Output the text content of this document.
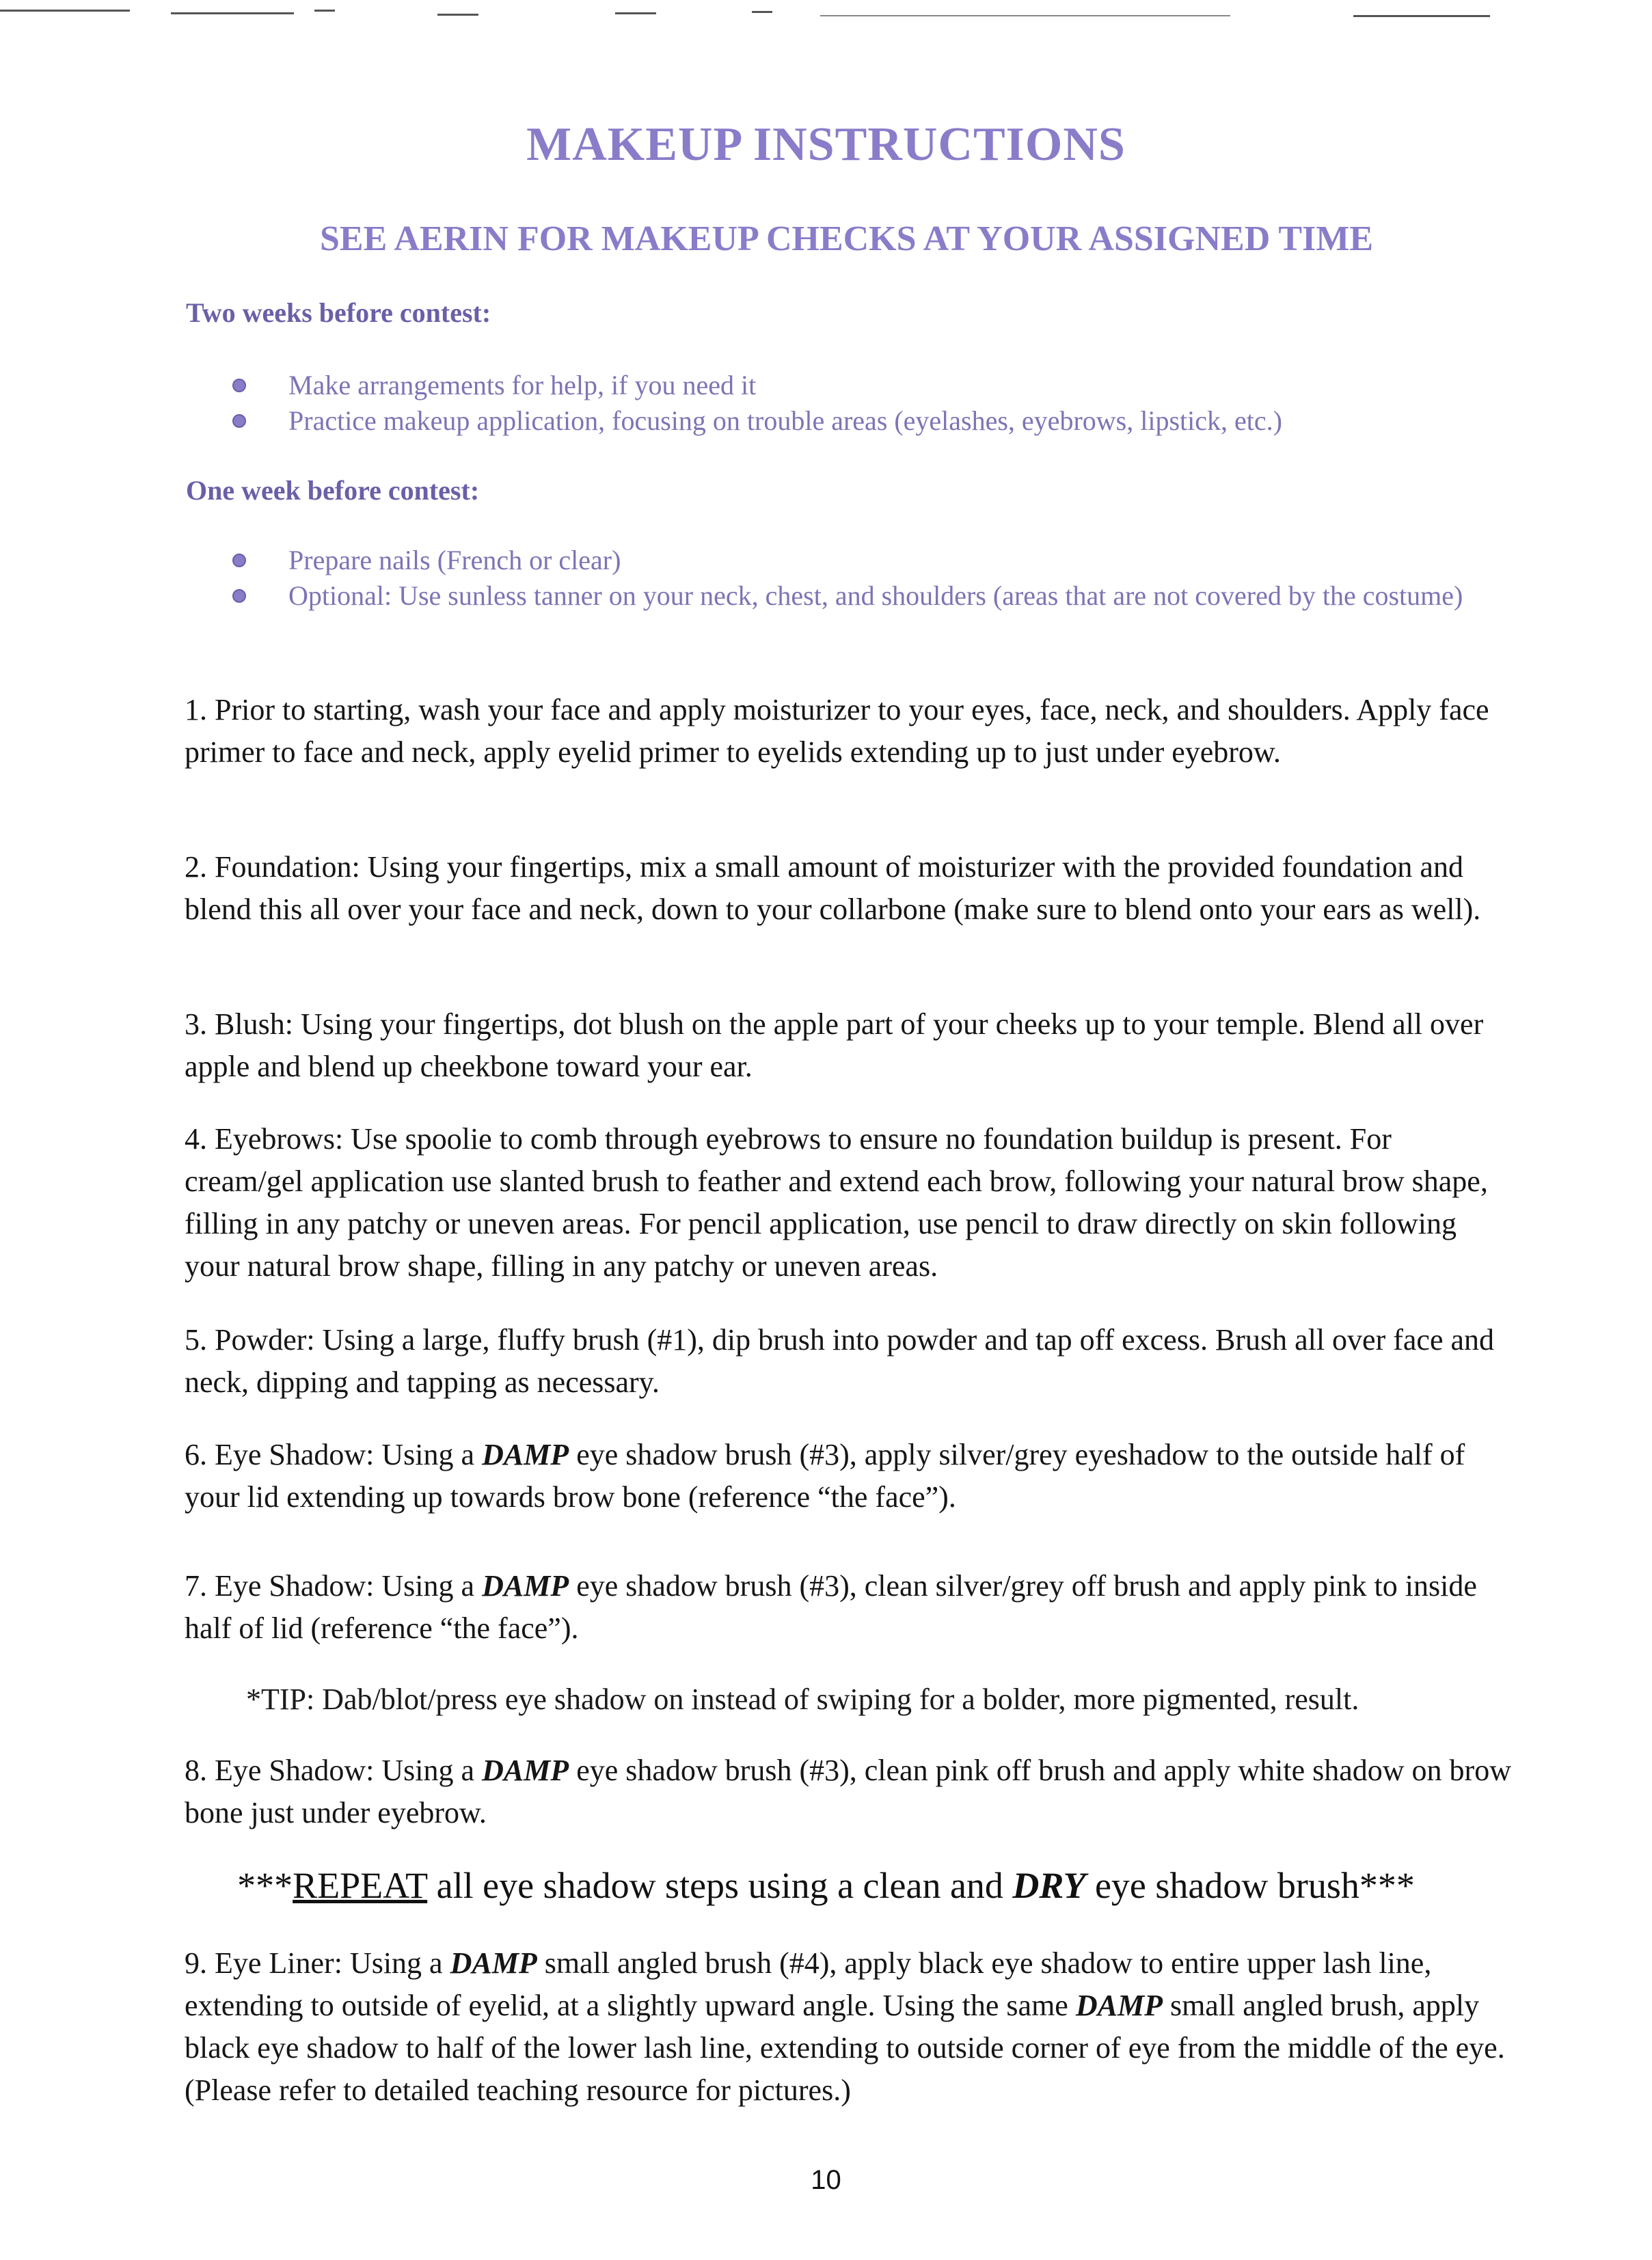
MAKEUP INSTRUCTIONS
SEE AERIN FOR MAKEUP CHECKS AT YOUR ASSIGNED TIME
Two weeks before contest:
Make arrangements for help, if you need it
Practice makeup application, focusing on trouble areas (eyelashes, eyebrows, lipstick, etc.)
One week before contest:
Prepare nails (French or clear)
Optional: Use sunless tanner on your neck, chest, and shoulders (areas that are not covered by the costume)

1. Prior to starting, wash your face and apply moisturizer to your eyes, face, neck, and shoulders. Apply face primer to face and neck, apply eyelid primer to eyelids extending up to just under eyebrow.

2. Foundation: Using your fingertips, mix a small amount of moisturizer with the provided foundation and blend this all over your face and neck, down to your collarbone (make sure to blend onto your ears as well).

3. Blush: Using your fingertips, dot blush on the apple part of your cheeks up to your temple. Blend all over apple and blend up cheekbone toward your ear.

4. Eyebrows: Use spoolie to comb through eyebrows to ensure no foundation buildup is present. For cream/gel application use slanted brush to feather and extend each brow, following your natural brow shape, filling in any patchy or uneven areas. For pencil application, use pencil to draw directly on skin following your natural brow shape, filling in any patchy or uneven areas.

5. Powder: Using a large, fluffy brush (#1), dip brush into powder and tap off excess. Brush all over face and neck, dipping and tapping as necessary.

6. Eye Shadow: Using a DAMP eye shadow brush (#3), apply silver/grey eyeshadow to the outside half of your lid extending up towards brow bone (reference “the face”).

7. Eye Shadow: Using a DAMP eye shadow brush (#3), clean silver/grey off brush and apply pink to inside half of lid (reference “the face”).

*TIP: Dab/blot/press eye shadow on instead of swiping for a bolder, more pigmented, result.

8. Eye Shadow: Using a DAMP eye shadow brush (#3), clean pink off brush and apply white shadow on brow bone just under eyebrow.

***REPEAT all eye shadow steps using a clean and DRY eye shadow brush***

9. Eye Liner: Using a DAMP small angled brush (#4), apply black eye shadow to entire upper lash line, extending to outside of eyelid, at a slightly upward angle. Using the same DAMP small angled brush, apply black eye shadow to half of the lower lash line, extending to outside corner of eye from the middle of the eye. (Please refer to detailed teaching resource for pictures.)

10
